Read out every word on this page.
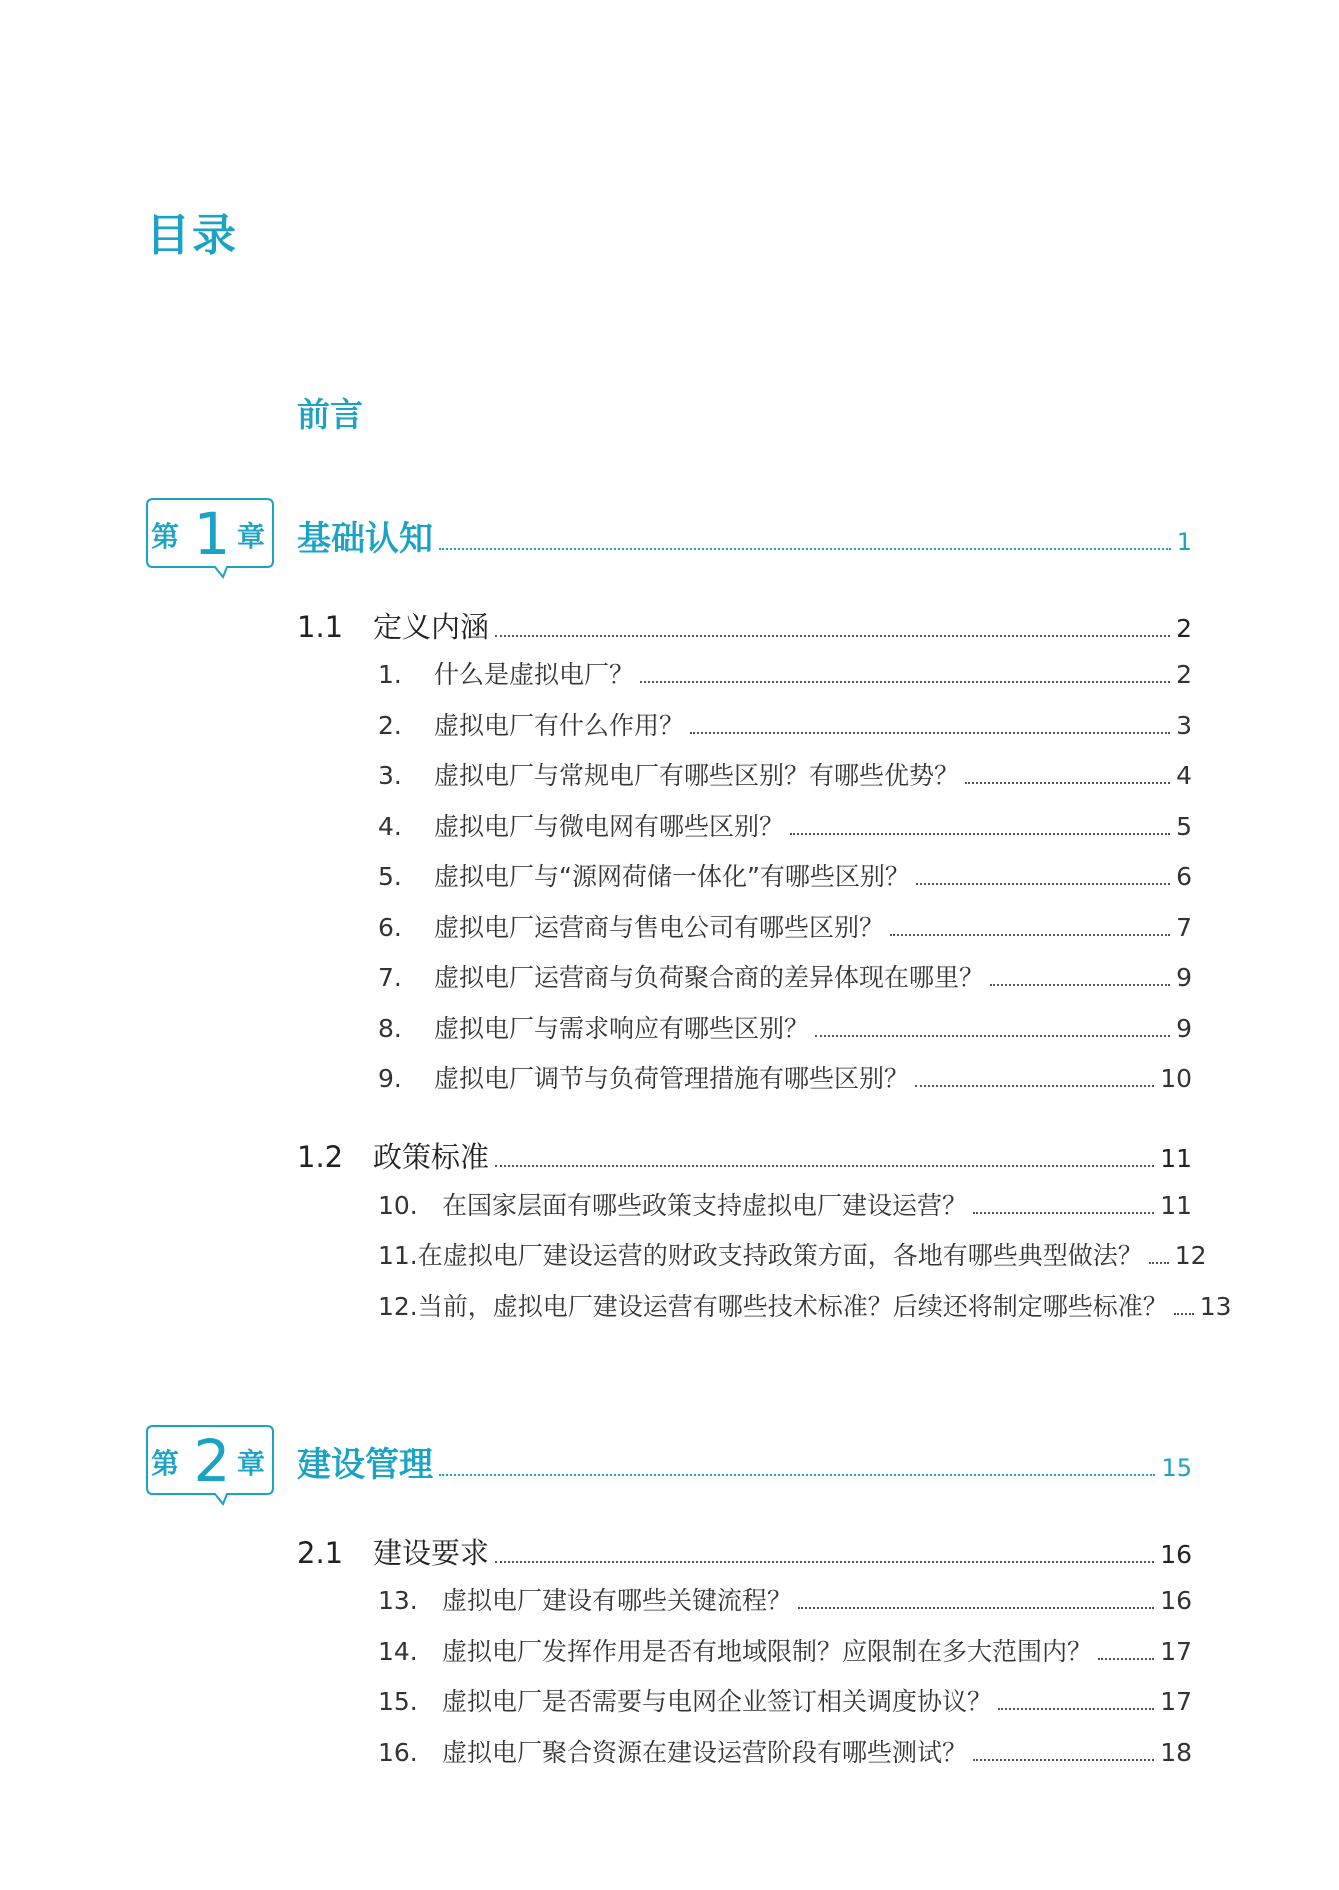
目录
前言
第 1 章 基础认知	1
1.1	定义内涵	2
1.	什么是虚拟电厂？	2
2.	虚拟电厂有什么作用？	3
3.	虚拟电厂与常规电厂有哪些区别？有哪些优势？	4
4.	虚拟电厂与微电网有哪些区别？	5
5.	虚拟电厂与“源网荷储一体化”有哪些区别？	6
6.	虚拟电厂运营商与售电公司有哪些区别？	7
7.	虚拟电厂运营商与负荷聚合商的差异体现在哪里？	9
8.	虚拟电厂与需求响应有哪些区别？	9
9.	虚拟电厂调节与负荷管理措施有哪些区别？	10
1.2	政策标准	11
10. 在国家层面有哪些政策支持虚拟电厂建设运营？	11
11. 在虚拟电厂建设运营的财政支持政策方面，各地有哪些典型做法？ 12
12. 当前，虚拟电厂建设运营有哪些技术标准？后续还将制定哪些标准？ 13
第 2 章 建设管理	15
2.1	建设要求	16
13. 虚拟电厂建设有哪些关键流程？	16
14. 虚拟电厂发挥作用是否有地域限制？应限制在多大范围内？	17
15. 虚拟电厂是否需要与电网企业签订相关调度协议？	17
16. 虚拟电厂聚合资源在建设运营阶段有哪些测试？	18
